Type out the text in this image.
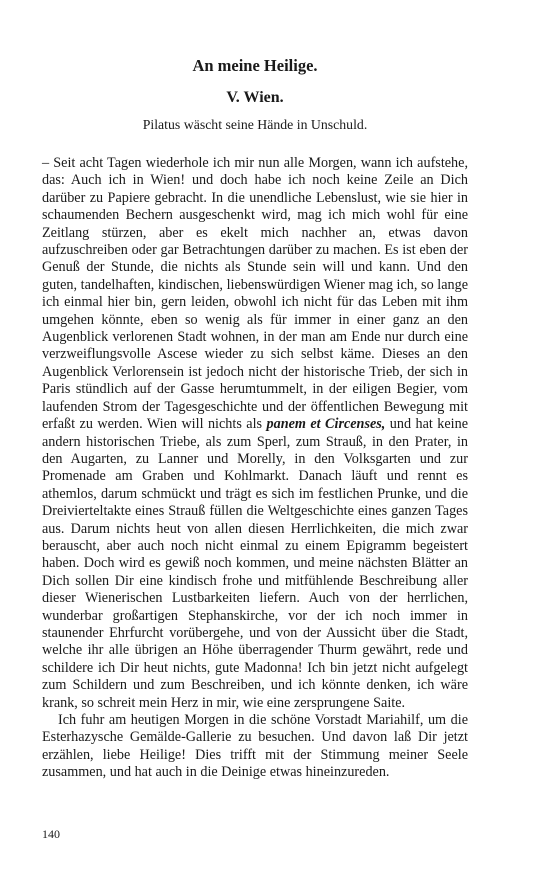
An meine Heilige.
V. Wien.
Pilatus wäscht seine Hände in Unschuld.

– Seit acht Tagen wiederhole ich mir nun alle Morgen, wann ich aufstehe, das: Auch ich in Wien! und doch habe ich noch keine Zeile an Dich darüber zu Papiere gebracht. In die unendliche Lebenslust, wie sie hier in schaumenden Bechern ausgeschenkt wird, mag ich mich wohl für eine Zeitlang stürzen, aber es ekelt mich nachher an, etwas davon aufzuschreiben oder gar Betrachtungen darüber zu machen. Es ist eben der Genuß der Stunde, die nichts als Stunde sein will und kann. Und den guten, tandelhaften, kindischen, liebenswürdigen Wiener mag ich, so lange ich einmal hier bin, gern leiden, obwohl ich nicht für das Leben mit ihm umgehen könnte, eben so wenig als für immer in einer ganz an den Augenblick verlorenen Stadt wohnen, in der man am Ende nur durch eine verzweiflungsvolle Ascese wieder zu sich selbst käme. Dieses an den Augenblick Verlorensein ist jedoch nicht der historische Trieb, der sich in Paris stündlich auf der Gasse herumtummelt, in der eiligen Begier, vom laufenden Strom der Tagesgeschichte und der öffentlichen Bewegung mit erfaßt zu werden. Wien will nichts als panem et Circenses, und hat keine andern historischen Triebe, als zum Sperl, zum Strauß, in den Prater, in den Augarten, zu Lanner und Morelly, in den Volksgarten und zur Promenade am Graben und Kohlmarkt. Danach läuft und rennt es athemlos, darum schmückt und trägt es sich im festlichen Prunke, und die Dreivierteltakte eines Strauß füllen die Weltgeschichte eines ganzen Tages aus. Darum nichts heut von allen diesen Herrlichkeiten, die mich zwar berauscht, aber auch noch nicht einmal zu einem Epigramm begeistert haben. Doch wird es gewiß noch kommen, und meine nächsten Blätter an Dich sollen Dir eine kindisch frohe und mitfühlende Beschreibung aller dieser Wienerischen Lustbarkeiten liefern. Auch von der herrlichen, wunderbar großartigen Stephanskirche, vor der ich noch immer in staunender Ehrfurcht vorübergehe, und von der Aussicht über die Stadt, welche ihr alle übrigen an Höhe überragender Thurm gewährt, rede und schildere ich Dir heut nichts, gute Madonna! Ich bin jetzt nicht aufgelegt zum Schildern und zum Beschreiben, und ich könnte denken, ich wäre krank, so schreit mein Herz in mir, wie eine zersprungene Saite.

Ich fuhr am heutigen Morgen in die schöne Vorstadt Mariahilf, um die Esterhazysche Gemälde-Gallerie zu besuchen. Und davon laß Dir jetzt erzählen, liebe Heilige! Dies trifft mit der Stimmung meiner Seele zusammen, und hat auch in die Deinige etwas hineinzureden.

140
